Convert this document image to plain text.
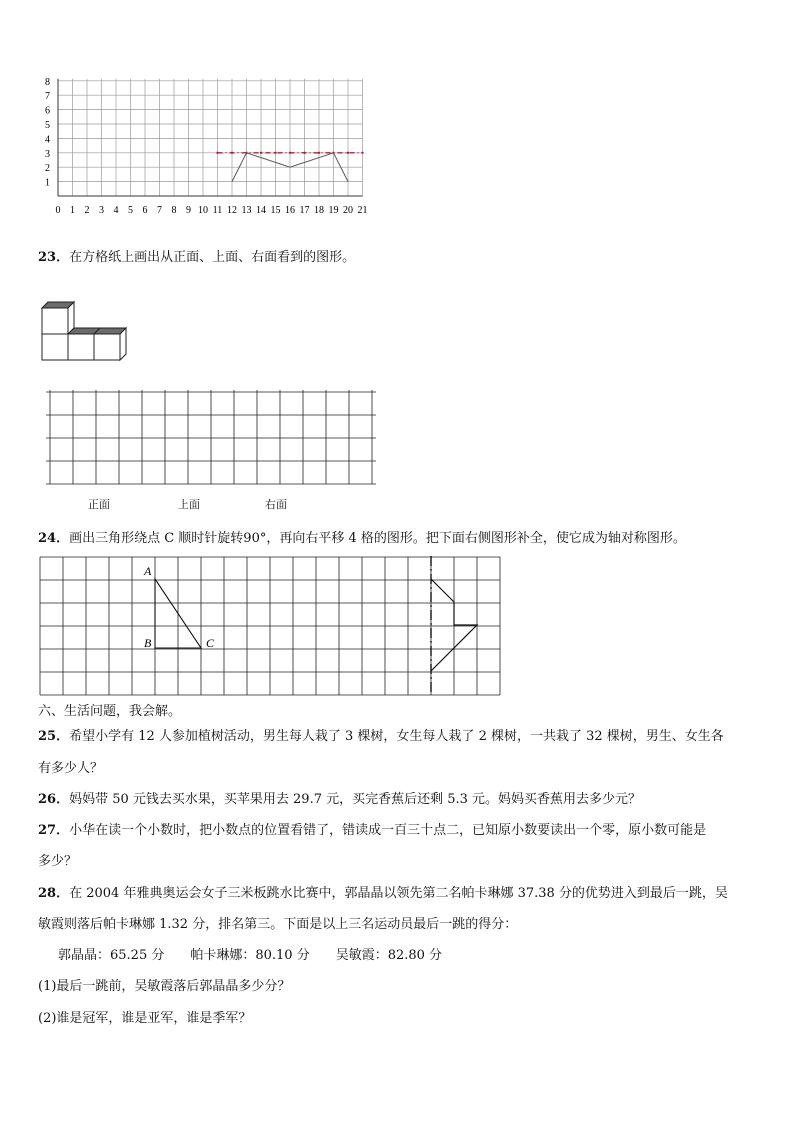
8
7
6
5
4
3
2
1
0 1 2 3 4 5 6 7 8 9 10 11 12 13 14 15 16 17 18 19 20 21
23．在方格纸上画出从正面、上面、右面看到的图形。
正面	上面	右面
24．画出三角形绕点 C 顺时针旋转90°，再向右平移 4 格的图形。把下面右侧图形补全，使它成为轴对称图形。
A
B	C
六、生活问题，我会解。
25．希望小学有 12 人参加植树活动，男生每人栽了 3 棵树，女生每人栽了 2 棵树，一共栽了 32 棵树，男生、女生各
有多少人？
26．妈妈带 50 元钱去买水果，买苹果用去 29.7 元，买完香蕉后还剩 5.3 元。妈妈买香蕉用去多少元？
27．小华在读一个小数时，把小数点的位置看错了，错读成一百三十点二，已知原小数要读出一个零，原小数可能是
多少？
28．在 2004 年雅典奥运会女子三米板跳水比赛中，郭晶晶以领先第二名帕卡琳娜 37.38 分的优势进入到最后一跳，吴
敏霞则落后帕卡琳娜 1.32 分，排名第三。下面是以上三名运动员最后一跳的得分：
郭晶晶：65.25 分　　帕卡琳娜：80.10 分　　吴敏霞：82.80 分
(1)最后一跳前，吴敏霞落后郭晶晶多少分？
(2)谁是冠军，谁是亚军，谁是季军？
